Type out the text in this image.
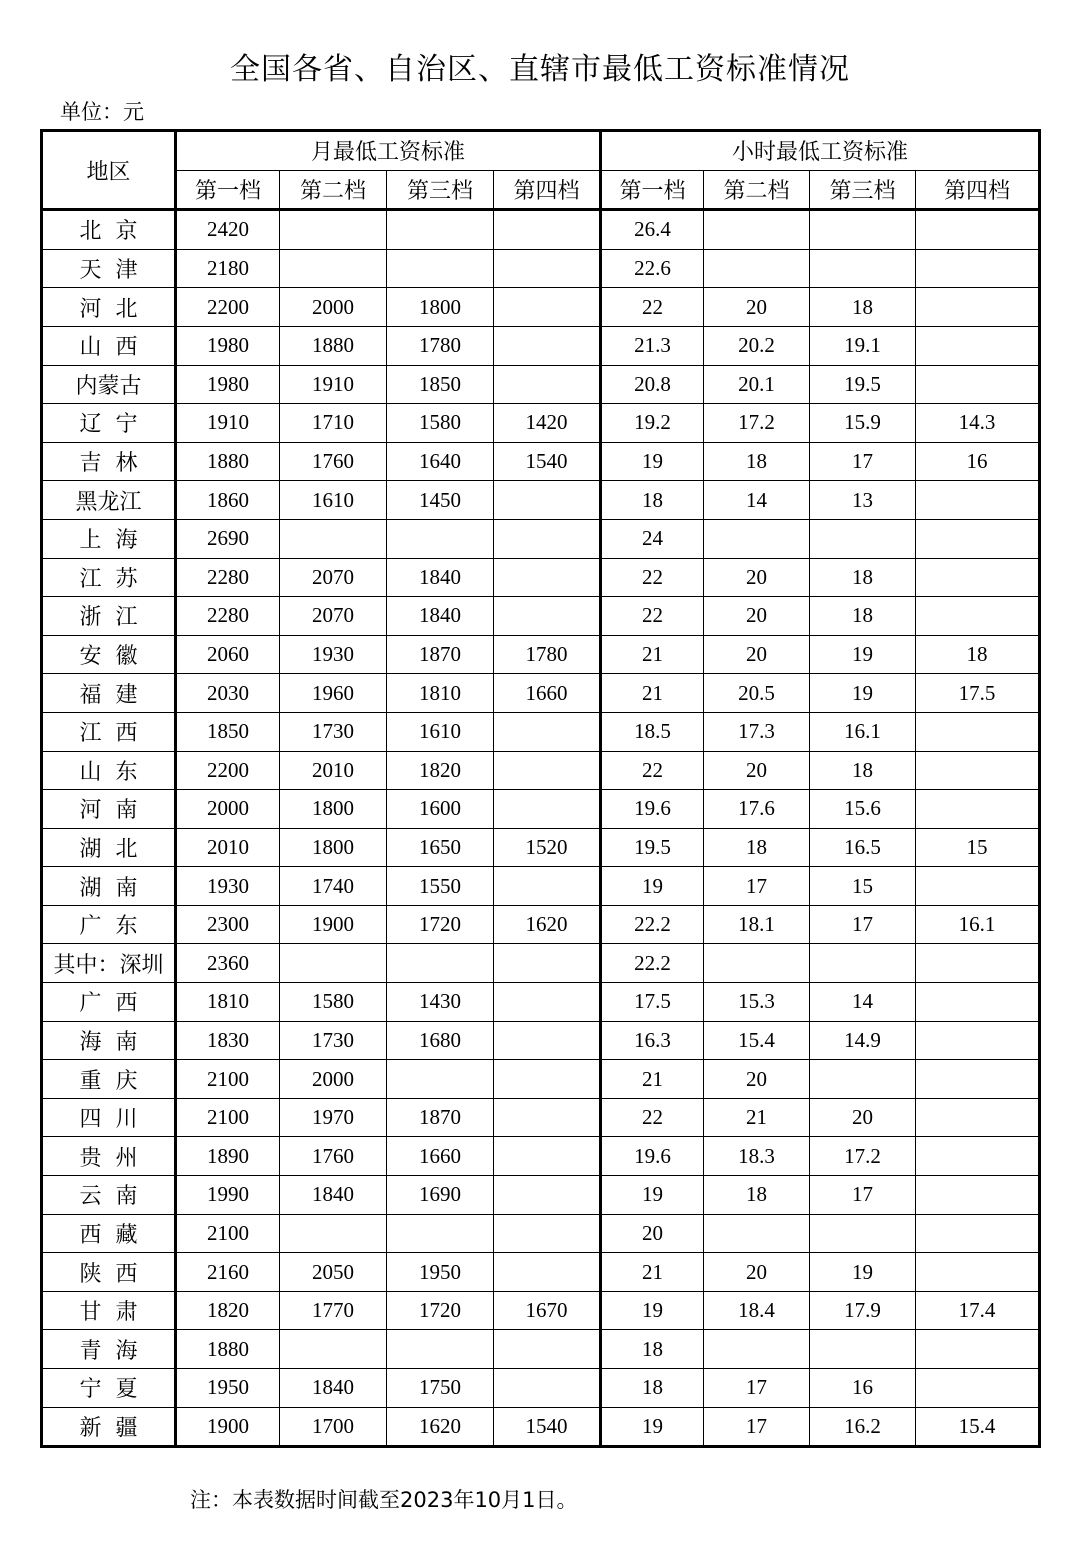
全国各省、自治区、直辖市最低工资标准情况
单位：元
地区	月最低工资标准				小时最低工资标准			
	第一档	第二档	第三档	第四档	第一档	第二档	第三档	第四档
北  京	2420				26.4			
天  津	2180				22.6			
河  北	2200	2000	1800		22	20	18	
山  西	1980	1880	1780		21.3	20.2	19.1	
内蒙古	1980	1910	1850		20.8	20.1	19.5	
辽  宁	1910	1710	1580	1420	19.2	17.2	15.9	14.3
吉  林	1880	1760	1640	1540	19	18	17	16
黑龙江	1860	1610	1450		18	14	13	
上  海	2690				24			
江  苏	2280	2070	1840		22	20	18	
浙  江	2280	2070	1840		22	20	18	
安  徽	2060	1930	1870	1780	21	20	19	18
福  建	2030	1960	1810	1660	21	20.5	19	17.5
江  西	1850	1730	1610		18.5	17.3	16.1	
山  东	2200	2010	1820		22	20	18	
河  南	2000	1800	1600		19.6	17.6	15.6	
湖  北	2010	1800	1650	1520	19.5	18	16.5	15
湖  南	1930	1740	1550		19	17	15	
广  东	2300	1900	1720	1620	22.2	18.1	17	16.1
其中：深圳	2360				22.2			
广  西	1810	1580	1430		17.5	15.3	14	
海  南	1830	1730	1680		16.3	15.4	14.9	
重  庆	2100	2000			21	20		
四  川	2100	1970	1870		22	21	20	
贵  州	1890	1760	1660		19.6	18.3	17.2	
云  南	1990	1840	1690		19	18	17	
西  藏	2100				20			
陕  西	2160	2050	1950		21	20	19	
甘  肃	1820	1770	1720	1670	19	18.4	17.9	17.4
青  海	1880				18			
宁  夏	1950	1840	1750		18	17	16	
新  疆	1900	1700	1620	1540	19	17	16.2	15.4
注：本表数据时间截至2023年10月1日。
